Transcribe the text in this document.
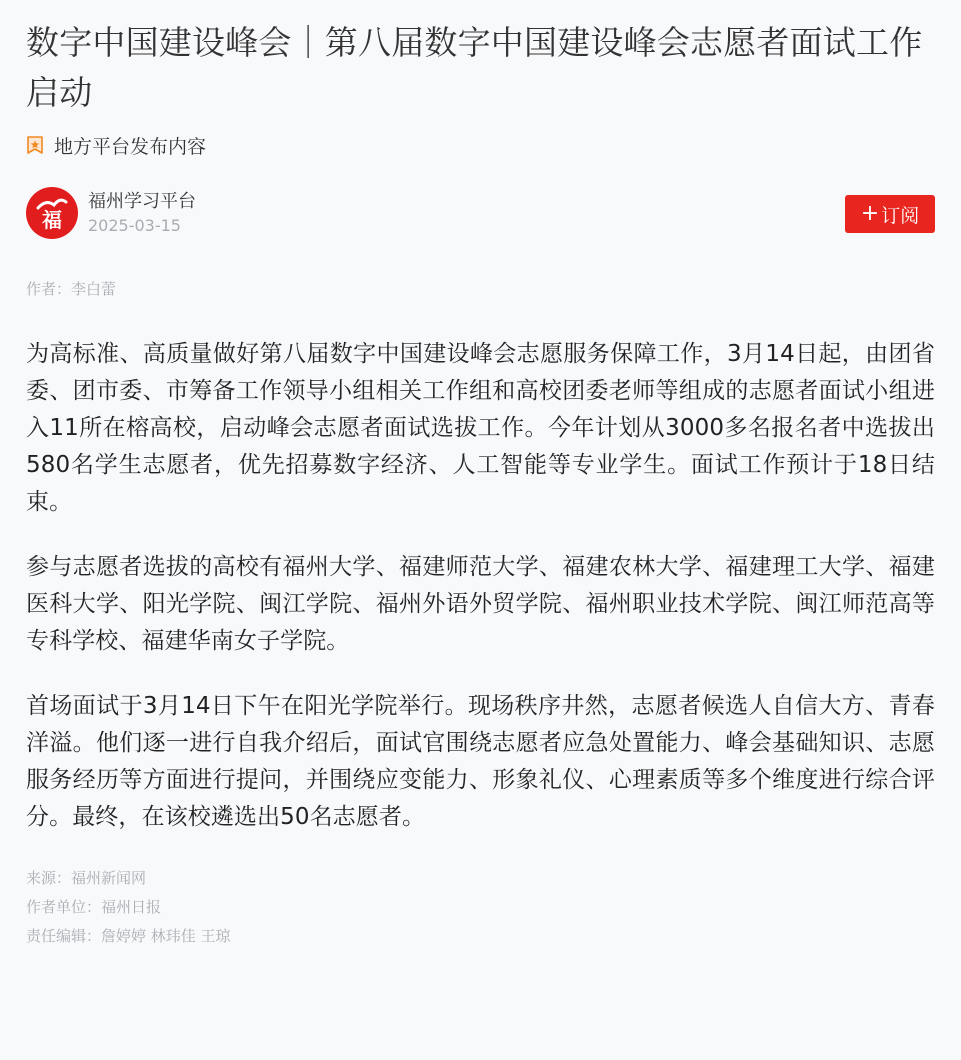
数字中国建设峰会｜第八届数字中国建设峰会志愿者面试工作启动
地方平台发布内容
福
福州学习平台
2025-03-15	+ 订阅
作者：李白蕾

为高标准、高质量做好第八届数字中国建设峰会志愿服务保障工作，3月14日起，由团省委、团市委、市筹备工作领导小组相关工作组和高校团委老师等组成的志愿者面试小组进入11所在榕高校，启动峰会志愿者面试选拔工作。今年计划从3000多名报名者中选拔出580名学生志愿者，优先招募数字经济、人工智能等专业学生。面试工作预计于18日结束。

参与志愿者选拔的高校有福州大学、福建师范大学、福建农林大学、福建理工大学、福建医科大学、阳光学院、闽江学院、福州外语外贸学院、福州职业技术学院、闽江师范高等专科学校、福建华南女子学院。

首场面试于3月14日下午在阳光学院举行。现场秩序井然，志愿者候选人自信大方、青春洋溢。他们逐一进行自我介绍后，面试官围绕志愿者应急处置能力、峰会基础知识、志愿服务经历等方面进行提问，并围绕应变能力、形象礼仪、心理素质等多个维度进行综合评分。最终，在该校遴选出50名志愿者。

来源：福州新闻网
作者单位：福州日报
责任编辑：詹婷婷 林玮佳 王琼
